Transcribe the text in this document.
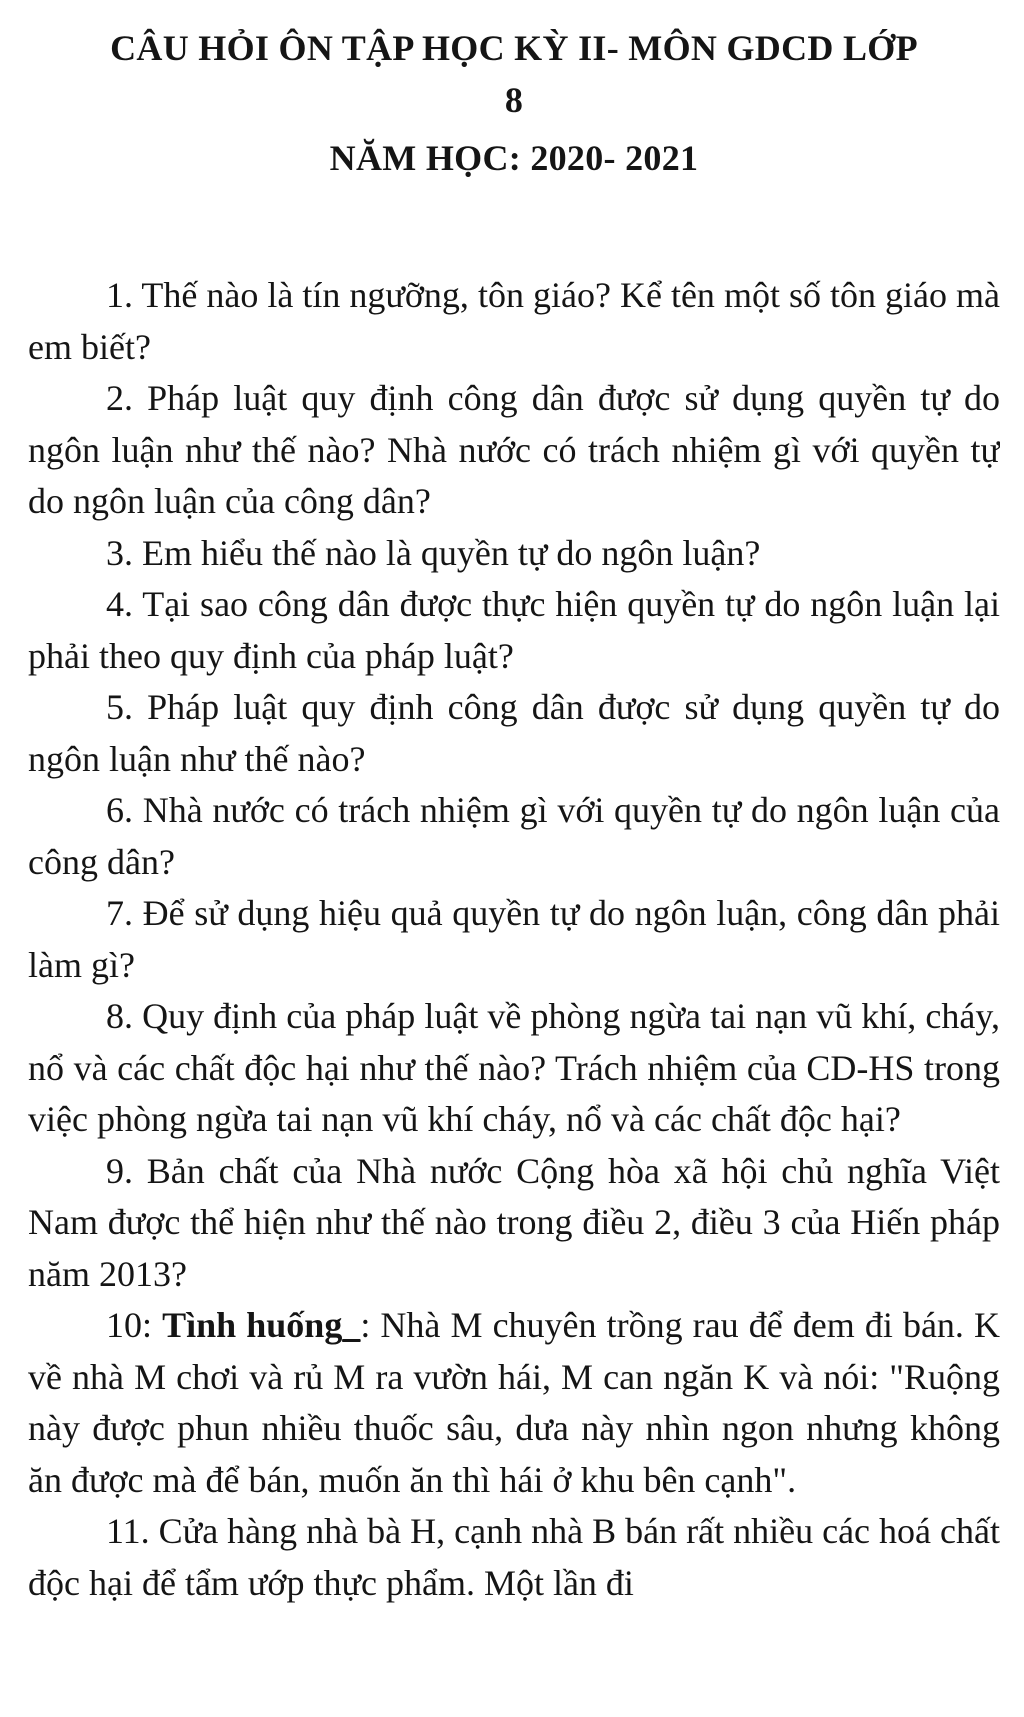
CÂU HỎI ÔN TẬP HỌC KỲ II- MÔN GDCD LỚP
8
NĂM HỌC: 2020- 2021

1. Thế nào là tín ngưỡng, tôn giáo? Kể tên một số tôn giáo mà em biết?

2. Pháp luật quy định công dân được sử dụng quyền tự do ngôn luận như thế nào? Nhà nước có trách nhiệm gì với quyền tự do ngôn luận của công dân?

3. Em hiểu thế nào là quyền tự do ngôn luận?

4. Tại sao công dân được thực hiện quyền tự do ngôn luận lại phải theo quy định của pháp luật?

5. Pháp luật quy định công dân được sử dụng quyền tự do ngôn luận như thế nào?

6. Nhà nước có trách nhiệm gì với quyền tự do ngôn luận của công dân?

7. Để sử dụng hiệu quả quyền tự do ngôn luận, công dân phải làm gì?

8. Quy định của pháp luật về phòng ngừa tai nạn vũ khí, cháy, nổ và các chất độc hại như thế nào? Trách nhiệm của CD-HS trong việc phòng ngừa tai nạn vũ khí cháy, nổ và các chất độc hại?

9. Bản chất của Nhà nước Cộng hòa xã hội chủ nghĩa Việt Nam được thể hiện như thế nào trong điều 2, điều 3 của Hiến pháp năm 2013?

10: Tình huống_: Nhà M chuyên trồng rau để đem đi bán. K về nhà M chơi và rủ M ra vườn hái, M can ngăn K và nói: "Ruộng này được phun nhiều thuốc sâu, dưa này nhìn ngon nhưng không ăn được mà để bán, muốn ăn thì hái ở khu bên cạnh".

11. Cửa hàng nhà bà H, cạnh nhà B bán rất nhiều các hoá chất độc hại để tẩm ướp thực phẩm. Một lần đi
